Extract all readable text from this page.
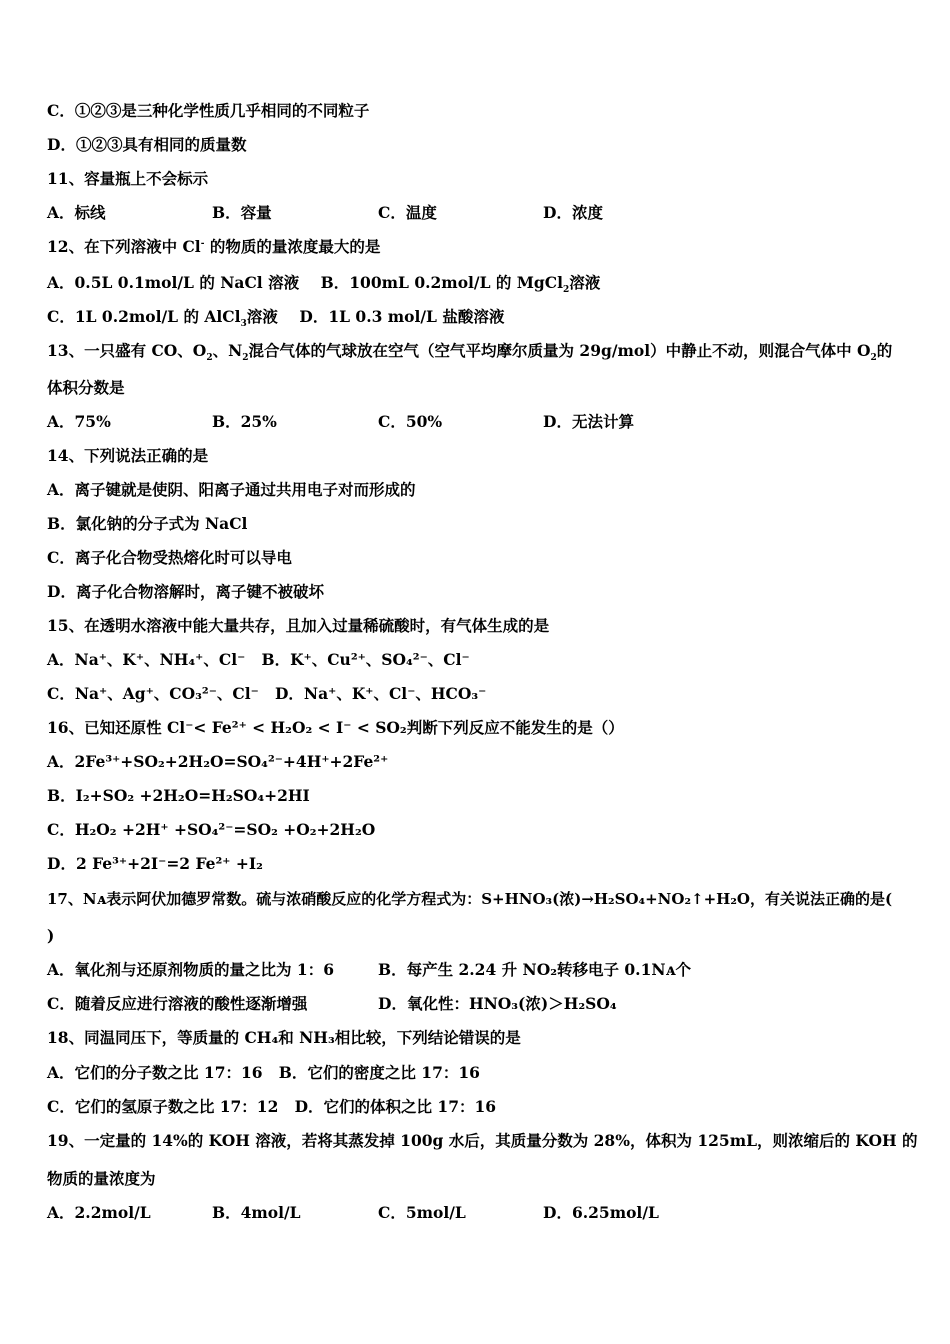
C．①②③是三种化学性质几乎相同的不同粒子
D．①②③具有相同的质量数
11、容量瓶上不会标示
A．标线	B．容量	C．温度	D．浓度
12、在下列溶液中 Cl- 的物质的量浓度最大的是
A．0.5L 0.1mol/L 的 NaCl 溶液 B．100mL 0.2mol/L 的 MgCl$_2$溶液
C．1L 0.2mol/L 的 AlCl$_3$溶液 D．1L 0.3 mol/L 盐酸溶液
13、一只盛有 CO、$O_2$、$N_2$混合气体的气球放在空气（空气平均摩尔质量为 29g/mol）中静止不动，则混合气体中 $O_2$的
体积分数是
A．75%	B．25%	C．50%	D．无法计算
14、下列说法正确的是
A．离子键就是使阴、阳离子通过共用电子对而形成的
B．氯化钠的分子式为 NaCl
C．离子化合物受热熔化时可以导电
D．离子化合物溶解时，离子键不被破坏
15、在透明水溶液中能大量共存，且加入过量稀硫酸时，有气体生成的是
A．Na⁺、K⁺、NH₄⁺、Cl⁻ B．K⁺、Cu²⁺、SO₄²⁻、Cl⁻
C．Na⁺、Ag⁺、CO₃²⁻、Cl⁻ D．Na⁺、K⁺、Cl⁻、HCO₃⁻
16、已知还原性 Cl⁻< Fe²⁺ < H₂O₂ < I⁻ < SO₂判断下列反应不能发生的是（）
A．2Fe³⁺+SO₂+2H₂O=SO₄²⁻+4H⁺+2Fe²⁺
B．I₂+SO₂ +2H₂O=H₂SO₄+2HI
C．H₂O₂ +2H⁺ +SO₄²⁻=SO₂ +O₂+2H₂O
D．2 Fe³⁺+2I⁻=2 Fe²⁺ +I₂
17、Nᴀ表示阿伏加德罗常数。硫与浓硝酸反应的化学方程式为：S+HNO₃(浓)→H₂SO₄+NO₂↑+H₂O，有关说法正确的是(
)
A．氧化剂与还原剂物质的量之比为 1：6	B．每产生 2.24 升 NO₂转移电子 0.1Nᴀ个
C．随着反应进行溶液的酸性逐渐增强	D．氧化性：HNO₃(浓)＞H₂SO₄
18、同温同压下，等质量的 CH₄和 NH₃相比较，下列结论错误的是
A．它们的分子数之比 17：16 B．它们的密度之比 17：16
C．它们的氢原子数之比 17：12 D．它们的体积之比 17：16
19、一定量的 14%的 KOH 溶液，若将其蒸发掉 100g 水后，其质量分数为 28%，体积为 125mL，则浓缩后的 KOH 的
物质的量浓度为
A．2.2mol/L	B．4mol/L	C．5mol/L	D．6.25mol/L
